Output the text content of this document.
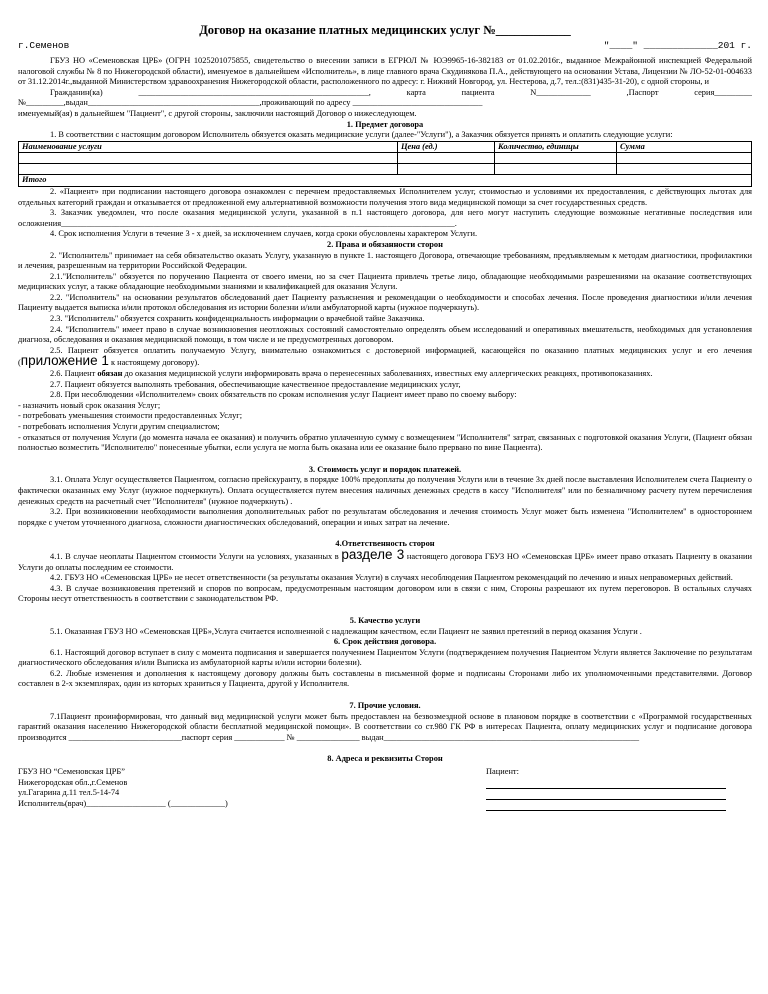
Договор на оказание платных медицинских услуг №____________
г.Семенов	"____" _____________201 г.

ГБУЗ НО «Семеновская ЦРБ» (ОГРН 1025201075855, свидетельство о внесении записи в ЕГРЮЛ № ЮЭ9965-16-382183 от 01.02.2016г., выданное Межрайонной инспекцией Федеральной налоговой службы № 8 по Нижегородской области), именуемое в дальнейшем «Исполнитель», в лице главного врача Скудинякова П.А., действующего на основании Устава, Лицензии № ЛО-52-01-004633 от 31.12.2014г.,выданной Министерством здравоохранения Нижегородской области, расположенного по адресу: г. Нижний Новгород, ул. Нестерова, д.7, тел.:(831)435-31-20), с одной стороны, и

Гражданин(ка) _______________________________________________________, карта пациента N_____________ ,Паспорт серия_________ №_________,выдан_________________________________________,проживающий по адресу _______________________________

именуемый(ая) в дальнейшем "Пациент", с другой стороны, заключили настоящий Договор о нижеследующем.

1. Предмет договора

1. В соответствии с настоящим договором Исполнитель обязуется оказать медицинские услуги (далее-"Услуги"), а Заказчик обязуется принять и оплатить следующие услуги:

Наименование услуги	Цена (ед.)	Количество, единицы	Сумма

Итого			

2. «Пациент» при подписании настоящего договора ознакомлен с перечнем предоставляемых Исполнителем услуг, стоимостью и условиями их предоставления, с действующих льготах для отдельных категорий граждан и отказывается от предложенной ему альтернативной возможности получения этого вида медицинской помощи за счет государственных средств.

3. Заказчик уведомлен, что после оказания медицинской услуги, указанной в п.1 настоящего договора, для него могут наступить следующие возможные негативные последствия или осложнения______________________________________________________________________________________________.

4. Срок исполнения Услуги в течение 3 - х дней, за исключением случаев, когда сроки обусловлены характером Услуги.

2. Права и обязанности сторон

2. "Исполнитель" принимает на себя обязательство оказать Услугу, указанную в пункте 1. настоящего Договора, отвечающие требованиям, предъявляемым к методам диагностики, профилактики и лечения, разрешенным на территории Российской Федерации.

2.1."Исполнитель" обязуется по поручению Пациента от своего имени, но за счет Пациента привлечь третье лицо, обладающие необходимыми разрешениями на оказание соответствующих медицинских услуг, а также обладающие необходимыми знаниями и квалификацией для оказания Услуги.

2.2. "Исполнитель" на основании результатов обследований дает Пациенту разъяснения и рекомендации о необходимости и способах лечения. После проведения диагностики и/или лечения Пациенту выдается выписка и/или протокол обследования из истории болезни и/или амбулаторной карты (нужное подчеркнуть).

2.3. "Исполнитель" обязуется сохранить конфиденциальность информации о врачебной тайне Заказчика.

2.4. "Исполнитель" имеет право в случае возникновения неотложных состояний самостоятельно определять объем исследований и оперативных вмешательств, необходимых для установления диагноза, обследования и оказания медицинской помощи, в том числе и не предусмотренных договором.

2.5. Пациент обязуется оплатить получаемую Услугу, внимательно ознакомиться с достоверной информацией, касающейся по оказанию платных медицинских услуг и его лечения (приложение 1 к настоящему договору).

2.6. Пациент обязан до оказания медицинской услуги информировать врача о перенесенных заболеваниях, известных ему аллергических реакциях, противопоказаниях.

2.7. Пациент обязуется выполнять требования, обеспечивающие качественное предоставление медицинских услуг,

2.8. При несоблюдении «Исполнителем» своих обязательств по срокам исполнения услуг Пациент имеет право по своему выбору:

- назначить новый срок оказания Услуг;

- потребовать уменьшения стоимости предоставленных Услуг;

- потребовать исполнения Услуги другим специалистом;

- отказаться от получения Услуги (до момента начала ее оказания) и получить обратно уплаченную сумму с возмещением "Исполнителя" затрат, связанных с подготовкой оказания Услуги, (Пациент обязан полностью возместить "Исполнителю" понесенные убытки, если услуга не могла быть оказана или ее оказание было прервано по вине Пациента).

3. Стоимость услуг и порядок платежей.

3.1. Оплата Услуг осуществляется Пациентом, согласно прейскуранту, в порядке 100% предоплаты до получения Услуги или в течение 3х дней после выставления Исполнителем счета Пациенту о фактически оказанных ему Услуг (нужное подчеркнуть). Оплата осуществляется путем внесения наличных денежных средств в кассу "Исполнителя" или по безналичному расчету путем перечисления денежных средств на расчетный счет "Исполнителя" (нужное подчеркнуть) .

3.2. При возникновении необходимости выполнения дополнительных работ по результатам обследования и лечения стоимость Услуг может быть изменена "Исполнителем" в одностороннем порядке с учетом уточненного диагноза, сложности диагностических обследований, операции и иных затрат на лечение.

4.Ответственность сторон

4.1. В случае неоплаты Пациентом стоимости Услуги на условиях, указанных в разделе 3 настоящего договора ГБУЗ НО «Семеновская ЦРБ» имеет право отказать Пациенту в оказании Услуги до оплаты последним ее стоимости.

4.2. ГБУЗ НО «Семеновская ЦРБ» не несет ответственности (за результаты оказания Услуги) в случаях несоблюдения Пациентом рекомендаций по лечению и иных неправомерных действий.

4.3. В случае возникновения претензий и споров по вопросам, предусмотренным настоящим договором или в связи с ним, Стороны разрешают их путем переговоров. В остальных случаях Стороны несут ответственность в соответствии с законодательством РФ.

5. Качество услуги

5.1. Оказанная ГБУЗ НО «Семеновская ЦРБ»,Услуга считается исполненной с надлежащим качеством, если Пациент не заявил претензий в период оказания Услуги .

6. Срок действия договора.

6.1. Настоящий договор вступает в силу с момента подписания и завершается получением Пациентом Услуги (подтверждением получения Пациентом Услуги является Заключение по результатам диагностического обследования и/или Выписка из амбулаторной карты и/или истории болезни).

6.2. Любые изменения и дополнения к настоящему договору должны быть составлены в письменной форме и подписаны Сторонами либо их уполномоченными представителями. Договор составлен в 2-х экземплярах, один из которых храниться у Пациента, другой у Исполнителя.

7. Прочие условия.

7.1Пациент проинформирован, что данный вид медицинской услуги может быть предоставлен на безвозмездной основе в плановом порядке в соответствии с «Программой государственных гарантий оказания населению Нижегородской области бесплатной медицинской помощи». В соответствии со ст.980 ГК РФ в интересах Пациента, оплату медицинских услуг и подписание договора производится ___________________________паспорт серия ____________ № _______________ выдан_____________________________________________________________

8. Адреса и реквизиты Сторон

ГБУЗ НО “Семеновская ЦРБ”
Нижегородская обл.,г.Семенов
ул.Гагарина д.11 тел.5-14-74
Исполнитель(врач)___________________ (_____________)
Пациент:
